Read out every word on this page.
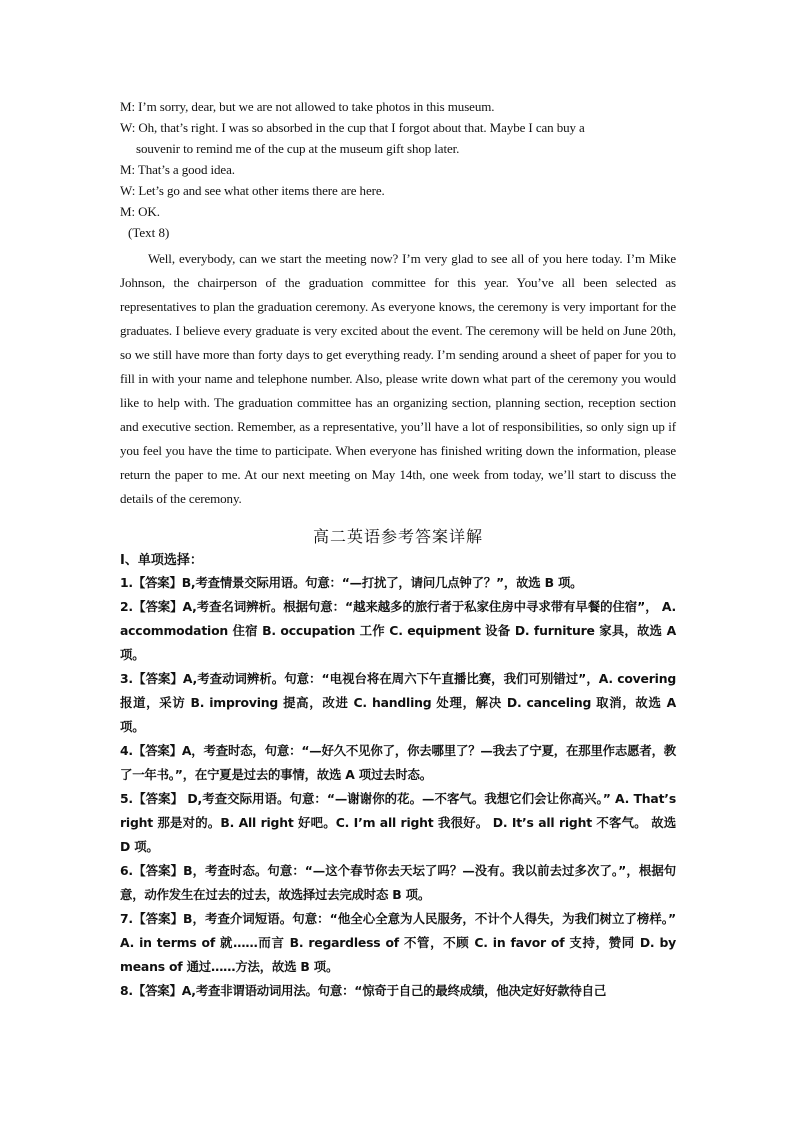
M: I’m sorry, dear, but we are not allowed to take photos in this museum.
W: Oh, that’s right. I was so absorbed in the cup that I forgot about that. Maybe I can buy a
souvenir to remind me of the cup at the museum gift shop later.
M: That’s a good idea.
W: Let’s go and see what other items there are here.
M: OK.
(Text 8)

Well, everybody, can we start the meeting now? I’m very glad to see all of you here today. I’m Mike Johnson, the chairperson of the graduation committee for this year. You’ve all been selected as representatives to plan the graduation ceremony. As everyone knows, the ceremony is very important for the graduates. I believe every graduate is very excited about the event. The ceremony will be held on June 20th, so we still have more than forty days to get everything ready. I’m sending around a sheet of paper for you to fill in with your name and telephone number. Also, please write down what part of the ceremony you would like to help with. The graduation committee has an organizing section, planning section, reception section and executive section. Remember, as a representative, you’ll have a lot of responsibilities, so only sign up if you feel you have the time to participate. When everyone has finished writing down the information, please return the paper to me. At our next meeting on May 14th, one week from today, we’ll start to discuss the details of the ceremony.

高二英语参考答案详解
I、单项选择：
1.【答案】B,考查情景交际用语。句意：“—打扰了，请问几点钟了？”，故选 B 项。
2.【答案】A,考查名词辨析。根据句意：“越来越多的旅行者于私家住房中寻求带有早餐的住宿”， A. accommodation 住宿 B. occupation 工作 C. equipment 设备 D. furniture 家具，故选 A 项。
3.【答案】A,考查动词辨析。句意：“电视台将在周六下午直播比赛，我们可别错过”，A. covering 报道，采访 B. improving 提高，改进 C. handling 处理，解决 D. canceling 取消，故选 A 项。
4.【答案】A，考查时态，句意：“—好久不见你了，你去哪里了？—我去了宁夏，在那里作志愿者，教了一年书。”，在宁夏是过去的事情，故选 A 项过去时态。
5.【答案】 D,考查交际用语。句意：“—谢谢你的花。—不客气。我想它们会让你高兴。” A. That’s right 那是对的。B. All right 好吧。C. I’m all right 我很好。 D. It’s all right 不客气。 故选 D 项。
6.【答案】B，考查时态。句意：“—这个春节你去天坛了吗？—没有。我以前去过多次了。”，根据句意，动作发生在过去的过去，故选择过去完成时态 B 项。
7.【答案】B，考查介词短语。句意：“他全心全意为人民服务，不计个人得失，为我们树立了榜样。” A. in terms of 就……而言 B. regardless of 不管，不顾 C. in favor of 支持，赞同 D. by means of 通过……方法，故选 B 项。
8.【答案】A,考查非谓语动词用法。句意：“惊奇于自己的最终成绩，他决定好好款待自己
